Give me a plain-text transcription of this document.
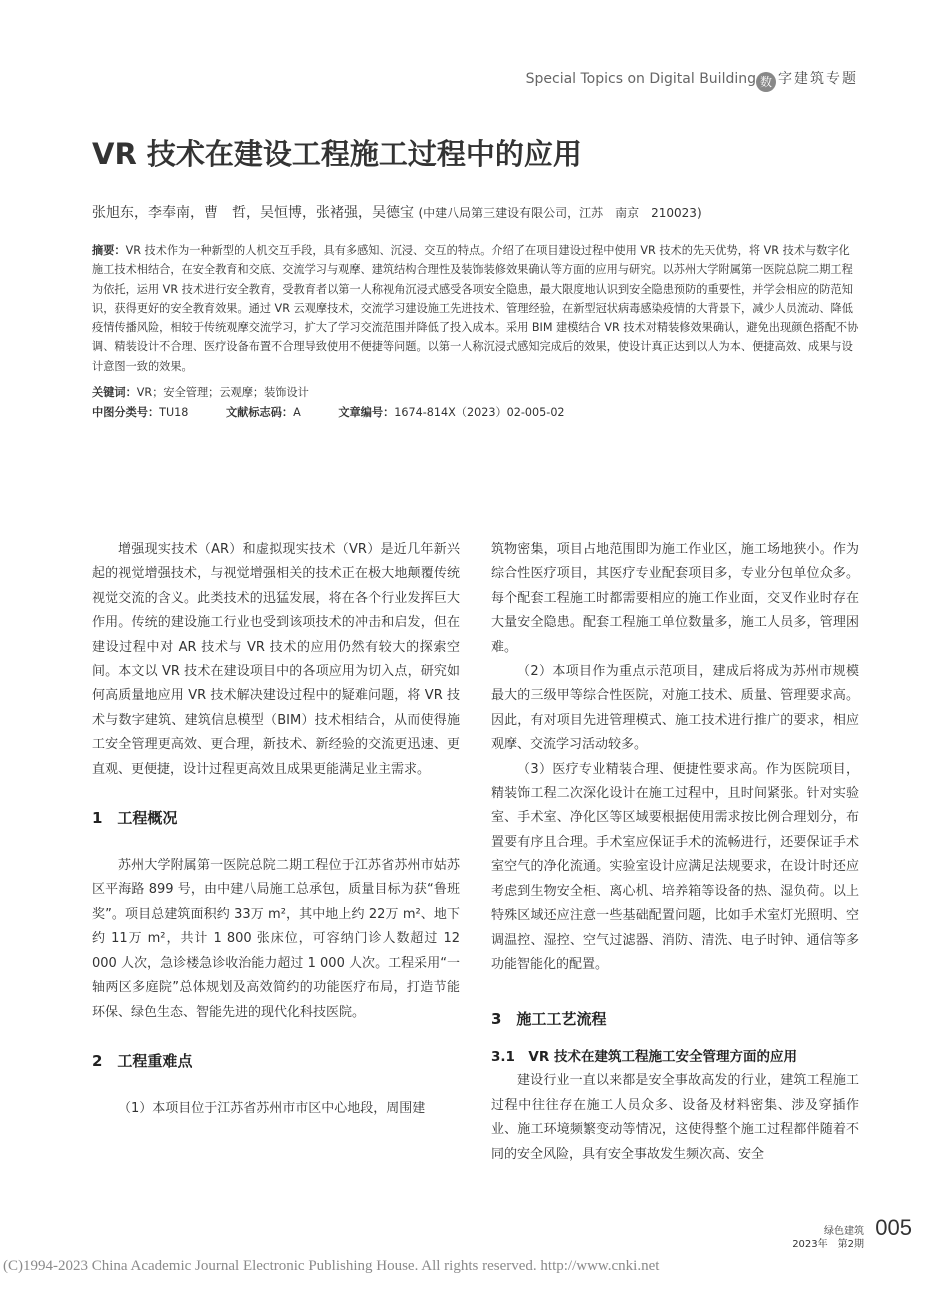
Special Topics on Digital Building 数 字建筑专题
VR 技术在建设工程施工过程中的应用
张旭东，李奉南，曹　哲，吴恒博，张褚强，吴德宝 (中建八局第三建设有限公司，江苏　南京　210023)

摘要：VR 技术作为一种新型的人机交互手段，具有多感知、沉浸、交互的特点。介绍了在项目建设过程中使用 VR 技术的先天优势，将 VR 技术与数字化施工技术相结合，在安全教育和交底、交流学习与观摩、建筑结构合理性及装饰装修效果确认等方面的应用与研究。以苏州大学附属第一医院总院二期工程为依托，运用 VR 技术进行安全教育，受教育者以第一人称视角沉浸式感受各项安全隐患，最大限度地认识到安全隐患预防的重要性，并学会相应的防范知识，获得更好的安全教育效果。通过 VR 云观摩技术，交流学习建设施工先进技术、管理经验，在新型冠状病毒感染疫情的大背景下，减少人员流动、降低疫情传播风险，相较于传统观摩交流学习，扩大了学习交流范围并降低了投入成本。采用 BIM 建模结合 VR 技术对精装修效果确认，避免出现颜色搭配不协调、精装设计不合理、医疗设备布置不合理导致使用不便捷等问题。以第一人称沉浸式感知完成后的效果，使设计真正达到以人为本、便捷高效、成果与设计意图一致的效果。

关键词：VR；安全管理；云观摩；装饰设计
中图分类号：TU18	文献标志码：A	文章编号：1674-814X（2023）02-005-02

增强现实技术（AR）和虚拟现实技术（VR）是近几年新兴起的视觉增强技术，与视觉增强相关的技术正在极大地颠覆传统视觉交流的含义。此类技术的迅猛发展，将在各个行业发挥巨大作用。传统的建设施工行业也受到该项技术的冲击和启发，但在建设过程中对 AR 技术与 VR 技术的应用仍然有较大的探索空间。本文以 VR 技术在建设项目中的各项应用为切入点，研究如何高质量地应用 VR 技术解决建设过程中的疑难问题，将 VR 技术与数字建筑、建筑信息模型（BIM）技术相结合，从而使得施工安全管理更高效、更合理，新技术、新经验的交流更迅速、更直观、更便捷，设计过程更高效且成果更能满足业主需求。

1　工程概况

苏州大学附属第一医院总院二期工程位于江苏省苏州市姑苏区平海路 899 号，由中建八局施工总承包，质量目标为获“鲁班奖”。项目总建筑面积约 33万 m²，其中地上约 22万 m²、地下约 11万 m²，共计 1 800 张床位，可容纳门诊人数超过 12 000 人次，急诊楼急诊收治能力超过 1 000 人次。工程采用“一轴两区多庭院”总体规划及高效简约的功能医疗布局，打造节能环保、绿色生态、智能先进的现代化科技医院。

2　工程重难点

（1）本项目位于江苏省苏州市市区中心地段，周围建

筑物密集，项目占地范围即为施工作业区，施工场地狭小。作为综合性医疗项目，其医疗专业配套项目多，专业分包单位众多。每个配套工程施工时都需要相应的施工作业面，交叉作业时存在大量安全隐患。配套工程施工单位数量多，施工人员多，管理困难。

（2）本项目作为重点示范项目，建成后将成为苏州市规模最大的三级甲等综合性医院，对施工技术、质量、管理要求高。因此，有对项目先进管理模式、施工技术进行推广的要求，相应观摩、交流学习活动较多。

（3）医疗专业精装合理、便捷性要求高。作为医院项目，精装饰工程二次深化设计在施工过程中，且时间紧张。针对实验室、手术室、净化区等区域要根据使用需求按比例合理划分，布置要有序且合理。手术室应保证手术的流畅进行，还要保证手术室空气的净化流通。实验室设计应满足法规要求，在设计时还应考虑到生物安全柜、离心机、培养箱等设备的热、湿负荷。以上特殊区域还应注意一些基础配置问题，比如手术室灯光照明、空调温控、湿控、空气过滤器、消防、清洗、电子时钟、通信等多功能智能化的配置。

3　施工工艺流程
3.1　VR 技术在建筑工程施工安全管理方面的应用

建设行业一直以来都是安全事故高发的行业，建筑工程施工过程中往往存在施工人员众多、设备及材料密集、涉及穿插作业、施工环境频繁变动等情况，这使得整个施工过程都伴随着不同的安全风险，具有安全事故发生频次高、安全

绿色建筑
2023年　第2期
005
(C)1994-2023 China Academic Journal Electronic Publishing House. All rights reserved. http://www.cnki.net
